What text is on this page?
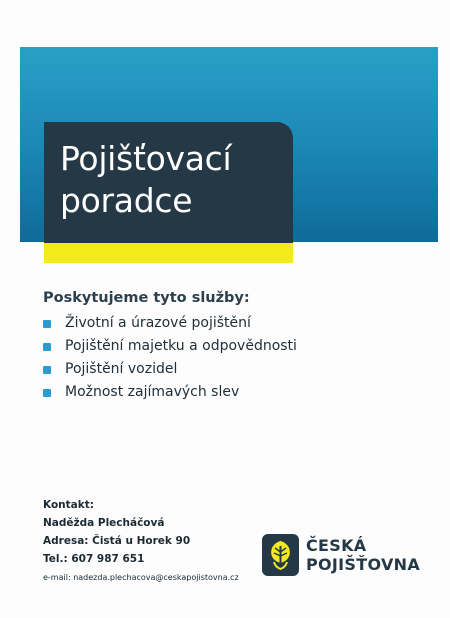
Pojišťovací

poradce

Poskytujeme tyto služby:
Životní a úrazové pojištění
Pojištění majetku a odpovědnosti
Pojištění vozidel
Možnost zajímavých slev
Kontakt:
Naděžda Plecháčová
Adresa: Čistá u Horek 90
Tel.: 607 987 651
e-mail: nadezda.plechacova@ceskapojistovna.cz
ČESKÁ
POJIŠŤOVNA
